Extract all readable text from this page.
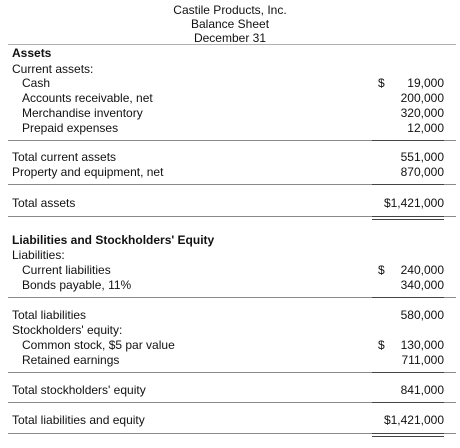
Castile Products, Inc.
Balance Sheet
December 31
Assets
Current assets:
Cash	$ 19,000
Accounts receivable, net	200,000
Merchandise inventory	320,000
Prepaid expenses	12,000
Total current assets	551,000
Property and equipment, net	870,000
Total assets	$1,421,000
Liabilities and Stockholders' Equity
Liabilities:
Current liabilities	$ 240,000
Bonds payable, 11%	340,000
Total liabilities	580,000
Stockholders' equity:
Common stock, $5 par value	$ 130,000
Retained earnings	711,000
Total stockholders' equity	841,000
Total liabilities and equity	$1,421,000
